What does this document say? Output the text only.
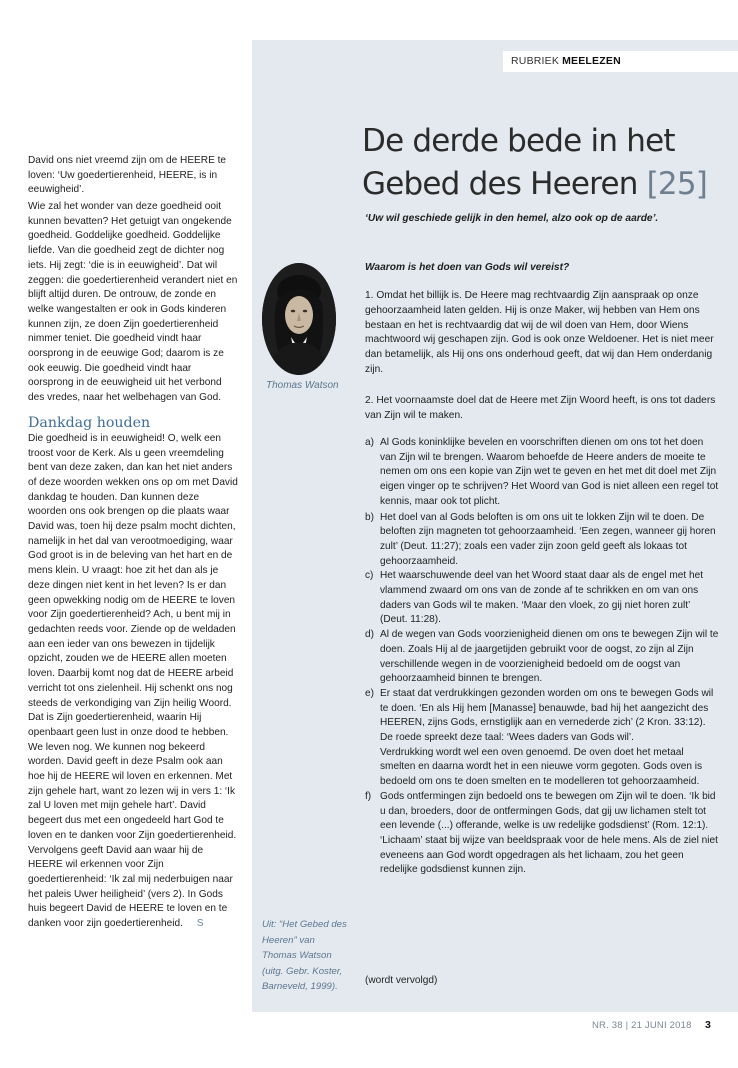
RUBRIEK MEELEZEN
De derde bede in het
Gebed des Heeren [25]
‘Uw wil geschiede gelijk in den hemel, alzo ook op de aarde’.
Waarom is het doen van Gods wil vereist?

1. Omdat het billijk is. De Heere mag rechtvaardig Zijn aanspraak op onze gehoorzaamheid laten gelden. Hij is onze Maker, wij hebben van Hem ons bestaan en het is rechtvaardig dat wij de wil doen van Hem, door Wiens machtwoord wij geschapen zijn. God is ook onze Weldoener. Het is niet meer dan betamelijk, als Hij ons ons onderhoud geeft, dat wij dan Hem onderdanig zijn.

2. Het voornaamste doel dat de Heere met Zijn Woord heeft, is ons tot daders van Zijn wil te maken.

a) Al Gods koninklijke bevelen en voorschriften dienen om ons tot het doen van Zijn wil te brengen. Waarom behoefde de Heere anders de moeite te nemen om ons een kopie van Zijn wet te geven en het met dit doel met Zijn eigen vinger op te schrijven? Het Woord van God is niet alleen een regel tot kennis, maar ook tot plicht.
b) Het doel van al Gods beloften is om ons uit te lokken Zijn wil te doen. De beloften zijn magneten tot gehoorzaamheid. ‘Een zegen, wanneer gij horen zult’ (Deut. 11:27); zoals een vader zijn zoon geld geeft als lokaas tot gehoorzaamheid.
c) Het waarschuwende deel van het Woord staat daar als de engel met het vlammend zwaard om ons van de zonde af te schrikken en om van ons daders van Gods wil te maken. ‘Maar den vloek, zo gij niet horen zult’ (Deut. 11:28).
d) Al de wegen van Gods voorzienigheid dienen om ons te bewegen Zijn wil te doen. Zoals Hij al de jaargetijden gebruikt voor de oogst, zo zijn al Zijn verschillende wegen in de voorzienigheid bedoeld om de oogst van gehoorzaamheid binnen te brengen.
e) Er staat dat verdrukkingen gezonden worden om ons te bewegen Gods wil te doen. ‘En als Hij hem [Manasse] benauwde, bad hij het aangezicht des HEEREN, zijns Gods, ernstiglijk aan en vernederde zich’ (2 Kron. 33:12). De roede spreekt deze taal: ‘Wees daders van Gods wil’.
Verdrukking wordt wel een oven genoemd. De oven doet het metaal smelten en daarna wordt het in een nieuwe vorm gegoten. Gods oven is bedoeld om ons te doen smelten en te modelleren tot gehoorzaamheid.
f) Gods ontfermingen zijn bedoeld ons te bewegen om Zijn wil te doen. ‘Ik bid u dan, broeders, door de ontfermingen Gods, dat gij uw lichamen stelt tot een levende (...) offerande, welke is uw redelijke godsdienst’ (Rom. 12:1). ‘Lichaam’ staat bij wijze van beeldspraak voor de hele mens. Als de ziel niet eveneens aan God wordt opgedragen als het lichaam, zou het geen redelijke godsdienst kunnen zijn.
(wordt vervolgd)
Thomas Watson
Uit: “Het Gebed des Heeren” van Thomas Watson (uitg. Gebr. Koster, Barneveld, 1999).

David ons niet vreemd zijn om de HEERE te loven: ‘Uw goedertierenheid, HEERE, is in eeuwigheid’.

Wie zal het wonder van deze goedheid ooit kunnen bevatten? Het getuigt van ongekende goedheid. Goddelijke goedheid. Goddelijke liefde. Van die goedheid zegt de dichter nog iets. Hij zegt: ‘die is in eeuwigheid’. Dat wil zeggen: die goedertierenheid verandert niet en blijft altijd duren. De ontrouw, de zonde en welke wangestalten er ook in Gods kinderen kunnen zijn, ze doen Zijn goedertierenheid nimmer teniet. Die goedheid vindt haar oorsprong in de eeuwige God; daarom is ze ook eeuwig. Die goedheid vindt haar oorsprong in de eeuwigheid uit het verbond des vredes, naar het welbehagen van God.

Dankdag houden

Die goedheid is in eeuwigheid! O, welk een troost voor de Kerk. Als u geen vreemdeling bent van deze zaken, dan kan het niet anders of deze woorden wekken ons op om met David dankdag te houden. Dan kunnen deze woorden ons ook brengen op die plaats waar David was, toen hij deze psalm mocht dichten, namelijk in het dal van verootmoediging, waar God groot is in de beleving van het hart en de mens klein. U vraagt: hoe zit het dan als je deze dingen niet kent in het leven? Is er dan geen opwekking nodig om de HEERE te loven voor Zijn goedertierenheid? Ach, u bent mij in gedachten reeds voor. Ziende op de weldaden aan een ieder van ons bewezen in tijdelijk opzicht, zouden we de HEERE allen moeten loven. Daarbij komt nog dat de HEERE arbeid verricht tot ons zielenheil. Hij schenkt ons nog steeds de verkondiging van Zijn heilig Woord. Dat is Zijn goedertierenheid, waarin Hij openbaart geen lust in onze dood te hebben. We leven nog. We kunnen nog bekeerd worden. David geeft in deze Psalm ook aan hoe hij de HEERE wil loven en erkennen. Met zijn gehele hart, want zo lezen wij in vers 1: ‘Ik zal U loven met mijn gehele hart’. David begeert dus met een ongedeeld hart God te loven en te danken voor Zijn goedertierenheid.

Vervolgens geeft David aan waar hij de HEERE wil erkennen voor Zijn goedertierenheid: ‘Ik zal mij nederbuigen naar het paleis Uwer heiligheid’ (vers 2). In Gods huis begeert David de HEERE te loven en te danken voor zijn goedertierenheid. S

NR. 38 | 21 JUNI 2018 3
